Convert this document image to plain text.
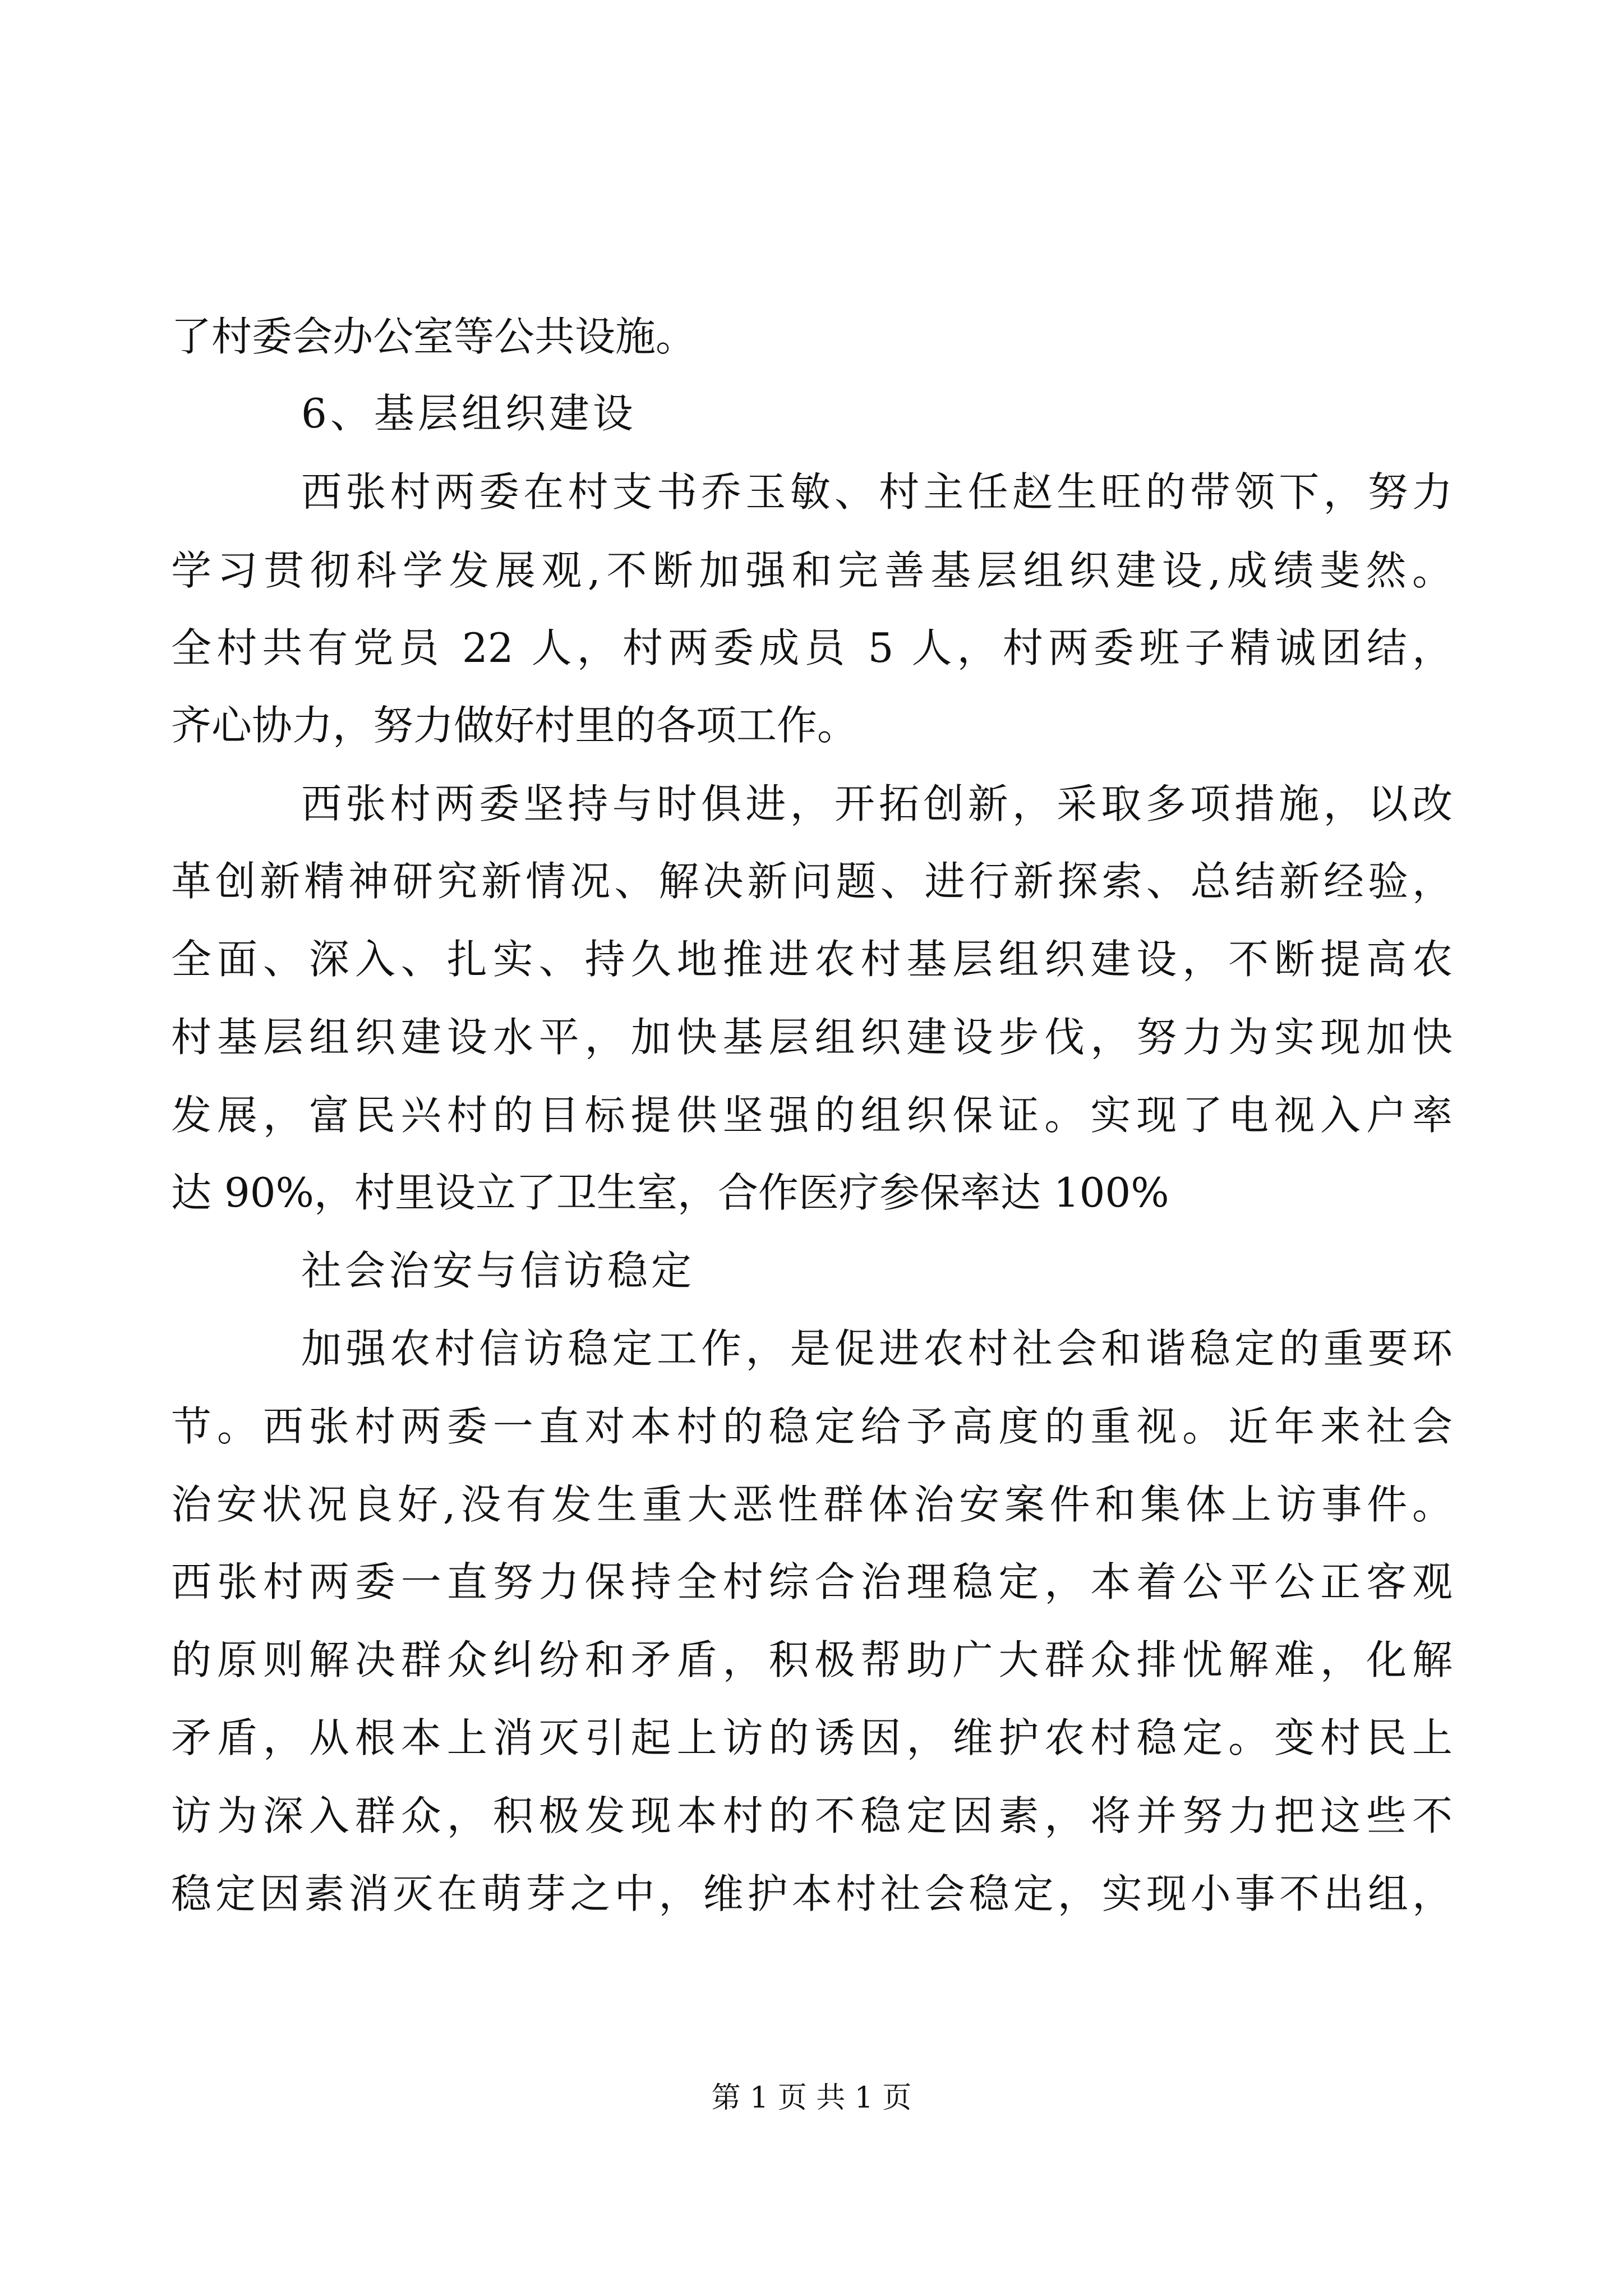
了村委会办公室等公共设施。
6、基层组织建设
西张村两委在村支书乔玉敏、村主任赵生旺的带领下，努力
学习贯彻科学发展观,不断加强和完善基层组织建设,成绩斐然。
全村共有党员 22 人，村两委成员 5 人，村两委班子精诚团结，
齐心协力，努力做好村里的各项工作。
西张村两委坚持与时俱进，开拓创新，采取多项措施，以改
革创新精神研究新情况、解决新问题、进行新探索、总结新经验，
全面、深入、扎实、持久地推进农村基层组织建设，不断提高农
村基层组织建设水平，加快基层组织建设步伐，努力为实现加快
发展，富民兴村的目标提供坚强的组织保证。实现了电视入户率
达 90%，村里设立了卫生室，合作医疗参保率达 100%
社会治安与信访稳定
加强农村信访稳定工作，是促进农村社会和谐稳定的重要环
节。西张村两委一直对本村的稳定给予高度的重视。近年来社会
治安状况良好,没有发生重大恶性群体治安案件和集体上访事件。
西张村两委一直努力保持全村综合治理稳定，本着公平公正客观
的原则解决群众纠纷和矛盾，积极帮助广大群众排忧解难，化解
矛盾，从根本上消灭引起上访的诱因，维护农村稳定。变村民上
访为深入群众，积极发现本村的不稳定因素，将并努力把这些不
稳定因素消灭在萌芽之中，维护本村社会稳定，实现小事不出组，
第 1 页 共 1 页
